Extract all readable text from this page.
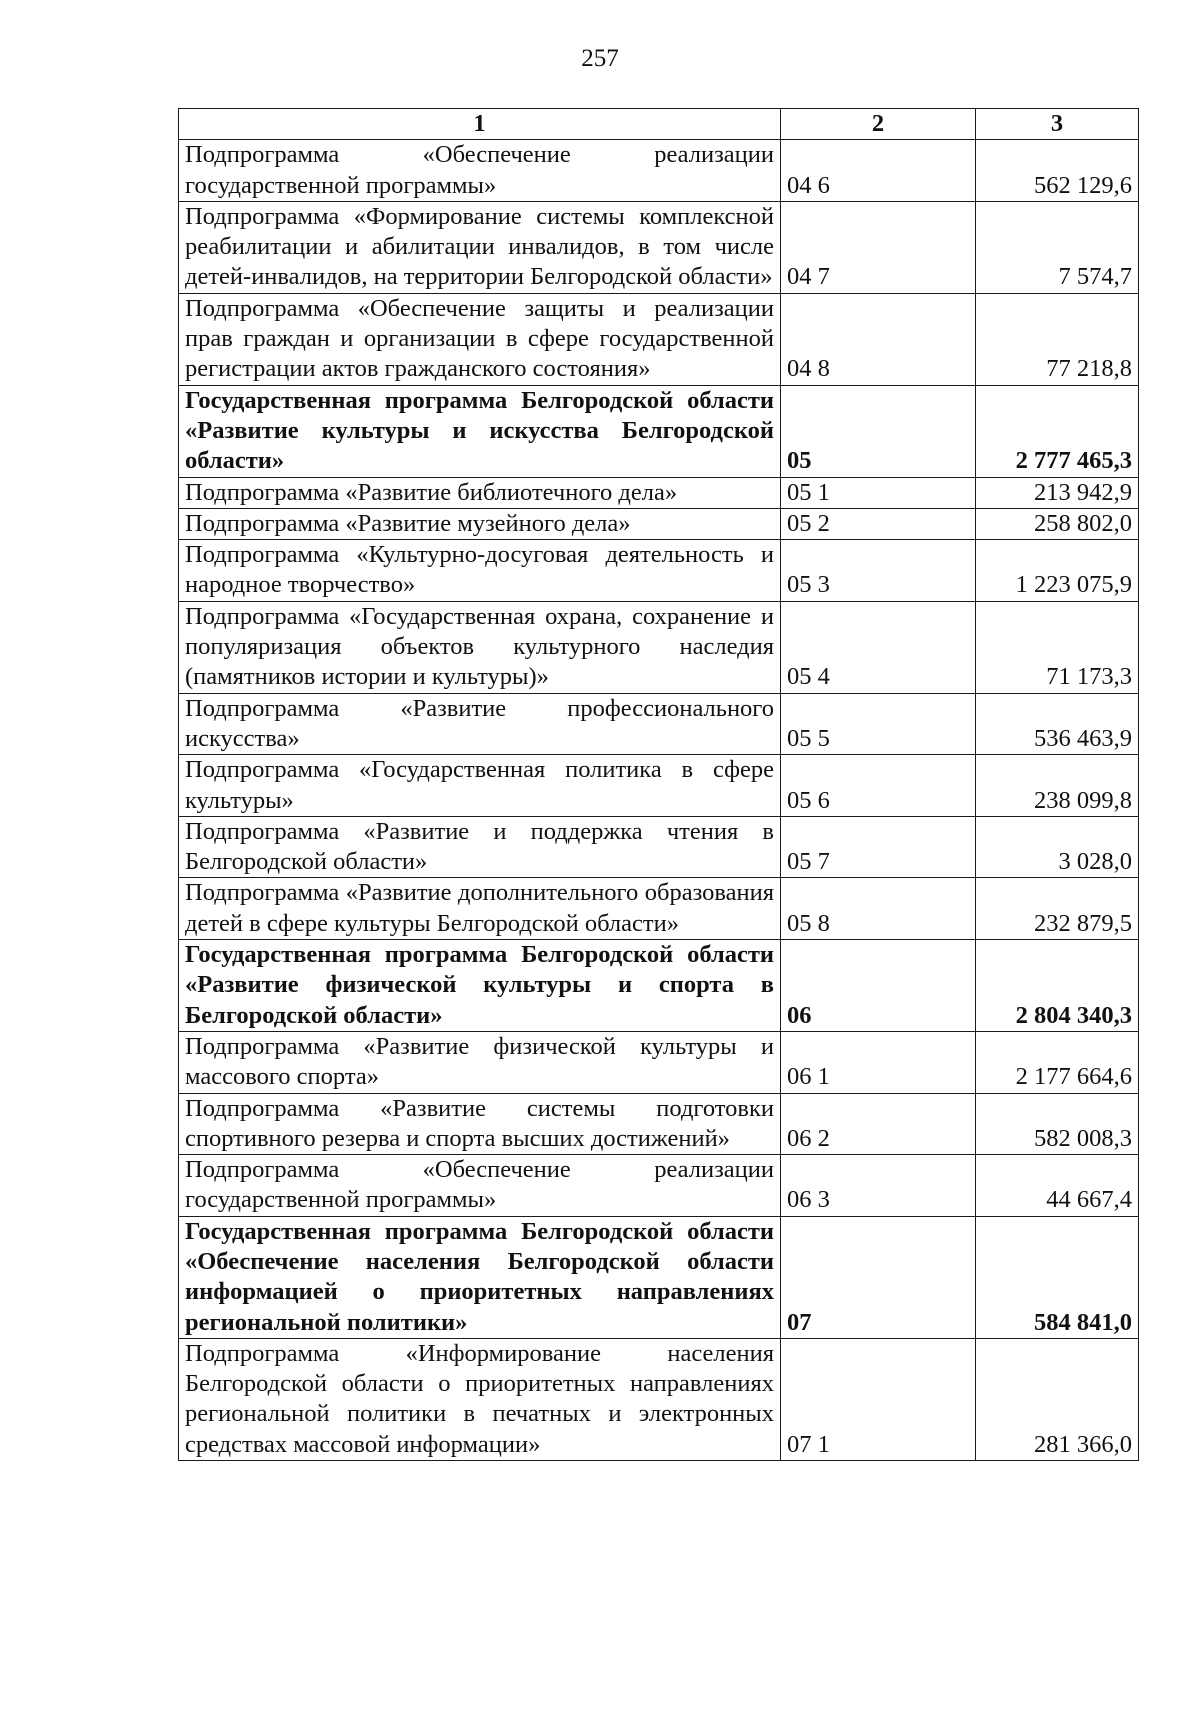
257
1	2	3
Подпрограмма «Обеспечение реализации государственной программы»	04 6	562 129,6
Подпрограмма «Формирование системы комплексной реабилитации и абилитации инвалидов, в том числе детей-инвалидов, на территории Белгородской области»	04 7	7 574,7
Подпрограмма «Обеспечение защиты и реализации прав граждан и организации в сфере государственной регистрации актов гражданского состояния»	04 8	77 218,8
Государственная программа Белгородской области «Развитие культуры и искусства Белгородской области»	05	2 777 465,3
Подпрограмма «Развитие библиотечного дела»	05 1	213 942,9
Подпрограмма «Развитие музейного дела»	05 2	258 802,0
Подпрограмма «Культурно-досуговая деятельность и народное творчество»	05 3	1 223 075,9
Подпрограмма «Государственная охрана, сохранение и популяризация объектов культурного наследия (памятников истории и культуры)»	05 4	71 173,3
Подпрограмма «Развитие профессионального искусства»	05 5	536 463,9
Подпрограмма «Государственная политика в сфере культуры»	05 6	238 099,8
Подпрограмма «Развитие и поддержка чтения в Белгородской области»	05 7	3 028,0
Подпрограмма «Развитие дополнительного образования детей в сфере культуры Белгородской области»	05 8	232 879,5
Государственная программа Белгородской области «Развитие физической культуры и спорта в Белгородской области»	06	2 804 340,3
Подпрограмма «Развитие физической культуры и массового спорта»	06 1	2 177 664,6
Подпрограмма «Развитие системы подготовки спортивного резерва и спорта высших достижений»	06 2	582 008,3
Подпрограмма «Обеспечение реализации государственной программы»	06 3	44 667,4
Государственная программа Белгородской области «Обеспечение населения Белгородской области информацией о приоритетных направлениях региональной политики»	07	584 841,0
Подпрограмма «Информирование населения Белгородской области о приоритетных направлениях региональной политики в печатных и электронных средствах массовой информации»	07 1	281 366,0
